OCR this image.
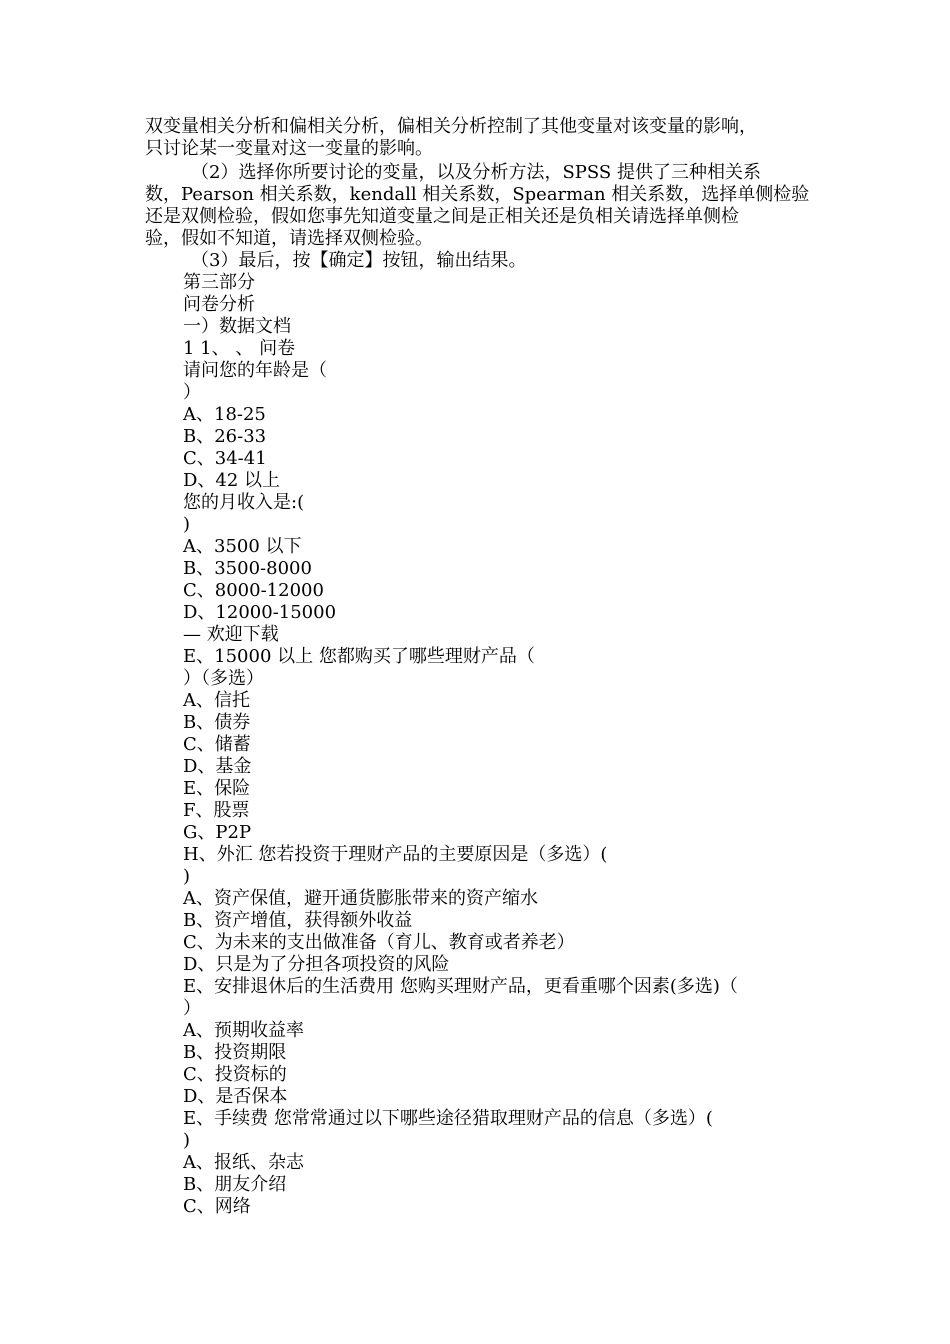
双变量相关分析和偏相关分析，偏相关分析控制了其他变量对该变量的影响，
只讨论某一变量对这一变量的影响。

（2）选择你所要讨论的变量，以及分析方法，SPSS 提供了三种相关系
数，Pearson 相关系数，kendall 相关系数，Spearman 相关系数，选择单侧检验
还是双侧检验，假如您事先知道变量之间是正相关还是负相关请选择单侧检
验，假如不知道，请选择双侧检验。

（3）最后，按【确定】按钮，输出结果。

第三部分
问卷分析
一）数据文档
1 1、 、 问卷
请问您的年龄是（
）
A、18-25
B、26-33
C、34-41
D、42 以上
您的月收入是:(
)
A、3500 以下
B、3500-8000
C、8000-12000
D、12000-15000
— 欢迎下载
E、15000 以上 您都购买了哪些理财产品（
）（多选）
A、信托
B、债券
C、储蓄
D、基金
E、保险
F、股票
G、P2P
H、外汇 您若投资于理财产品的主要原因是（多选）(
)
A、资产保值，避开通货膨胀带来的资产缩水
B、资产增值，获得额外收益
C、为未来的支出做准备（育儿、教育或者养老）
D、只是为了分担各项投资的风险
E、安排退休后的生活费用 您购买理财产品，更看重哪个因素(多选)（
）
A、预期收益率
B、投资期限
C、投资标的
D、是否保本
E、手续费 您常常通过以下哪些途径猎取理财产品的信息（多选）(
)
A、报纸、杂志
B、朋友介绍
C、网络
